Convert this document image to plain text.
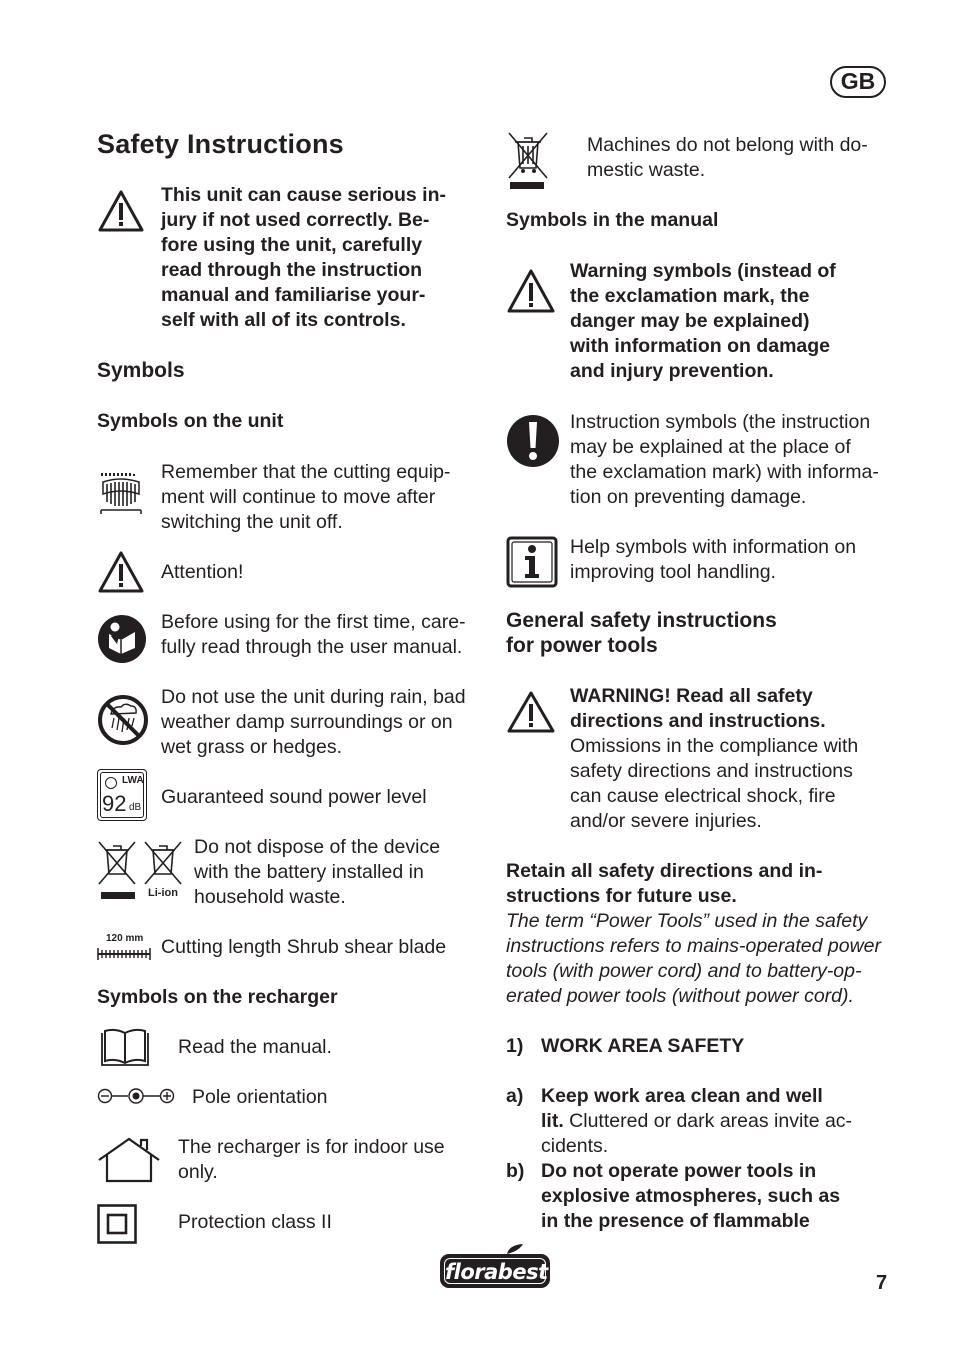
GB
Safety Instructions
This unit can cause serious in-
jury if not used correctly. Be-
fore using the unit, carefully
read through the instruction
manual and familiarise your-
self with all of its controls.
Symbols
Symbols on the unit
Remember that the cutting equip-
ment will continue to move after
switching the unit off.
Attention!
Before using for the first time, care-
fully read through the user manual.
Do not use the unit during rain, bad
weather damp surroundings or on
wet grass or hedges.
LWA
92 dB Guaranteed sound power level
Li-ion
Do not dispose of the device
with the battery installed in
household waste.
120 mm Cutting length Shrub shear blade
Symbols on the recharger
Read the manual.
Pole orientation
The recharger is for indoor use
only.
Protection class II
Machines do not belong with do-
mestic waste.
Symbols in the manual
Warning symbols (instead of
the exclamation mark, the
danger may be explained)
with information on damage
and injury prevention.
Instruction symbols (the instruction
may be explained at the place of
the exclamation mark) with informa-
tion on preventing damage.
Help symbols with information on
improving tool handling.
General safety instructions
for power tools
WARNING! Read all safety
directions and instructions.
Omissions in the compliance with
safety directions and instructions
can cause electrical shock, fire
and/or severe injuries.
Retain all safety directions and in-
structions for future use.
The term “Power Tools” used in the safety
instructions refers to mains-operated power
tools (with power cord) and to battery-op-
erated power tools (without power cord).
1) WORK AREA SAFETY
a) Keep work area clean and well
lit. Cluttered or dark areas invite ac-
cidents.
b) Do not operate power tools in
explosive atmospheres, such as
in the presence of flammable
florabest	7
